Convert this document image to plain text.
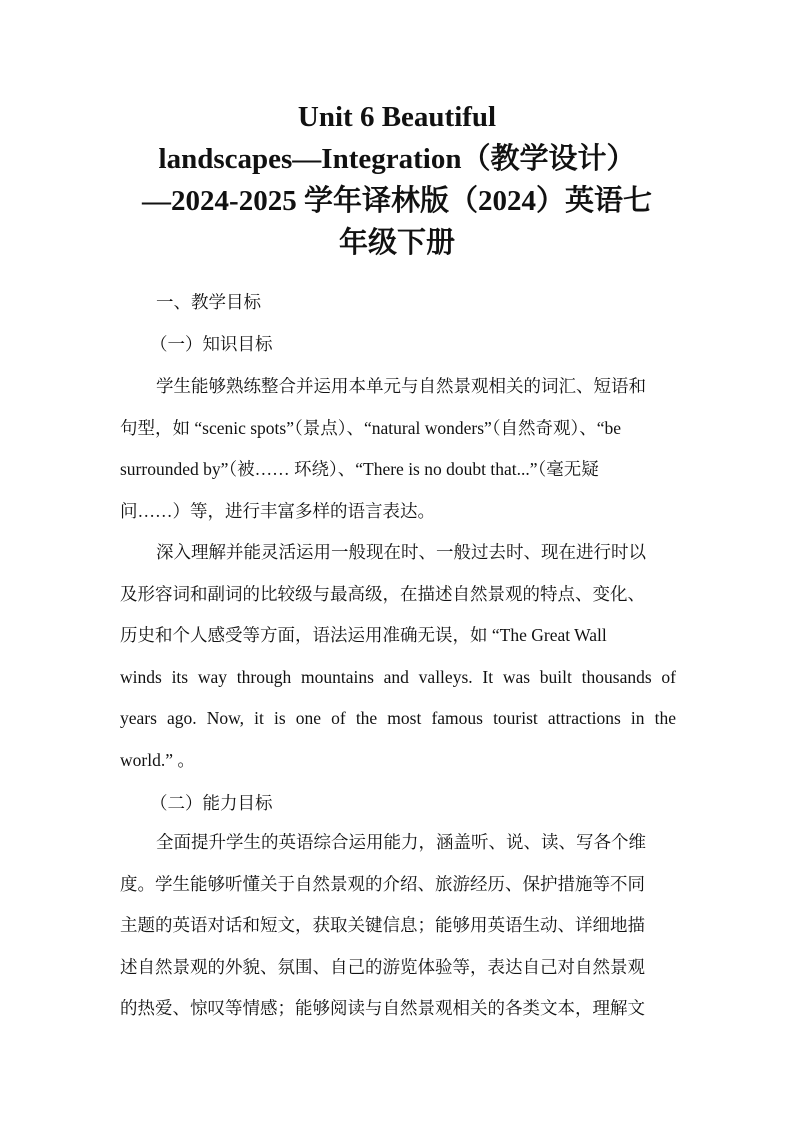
Unit 6 Beautiful
landscapes—Integration（教学设计）
—2024-2025 学年译林版（2024）英语七
年级下册

一、教学目标

（一）知识目标

学生能够熟练整合并运用本单元与自然景观相关的词汇、短语和
句型，如 “scenic spots”（景点）、“natural wonders”（自然奇观）、“be
surrounded by”（被…… 环绕）、“There is no doubt that...”（毫无疑
问……）等，进行丰富多样的语言表达。
深入理解并能灵活运用一般现在时、一般过去时、现在进行时以
及形容词和副词的比较级与最高级，在描述自然景观的特点、变化、
历史和个人感受等方面，语法运用准确无误，如 “The Great Wall
winds its way through mountains and valleys. It was built thousands of
years ago. Now, it is one of the most famous tourist attractions in the
world.” 。

（二）能力目标

全面提升学生的英语综合运用能力，涵盖听、说、读、写各个维
度。学生能够听懂关于自然景观的介绍、旅游经历、保护措施等不同
主题的英语对话和短文，获取关键信息；能够用英语生动、详细地描
述自然景观的外貌、氛围、自己的游览体验等，表达自己对自然景观
的热爱、惊叹等情感；能够阅读与自然景观相关的各类文本，理解文
